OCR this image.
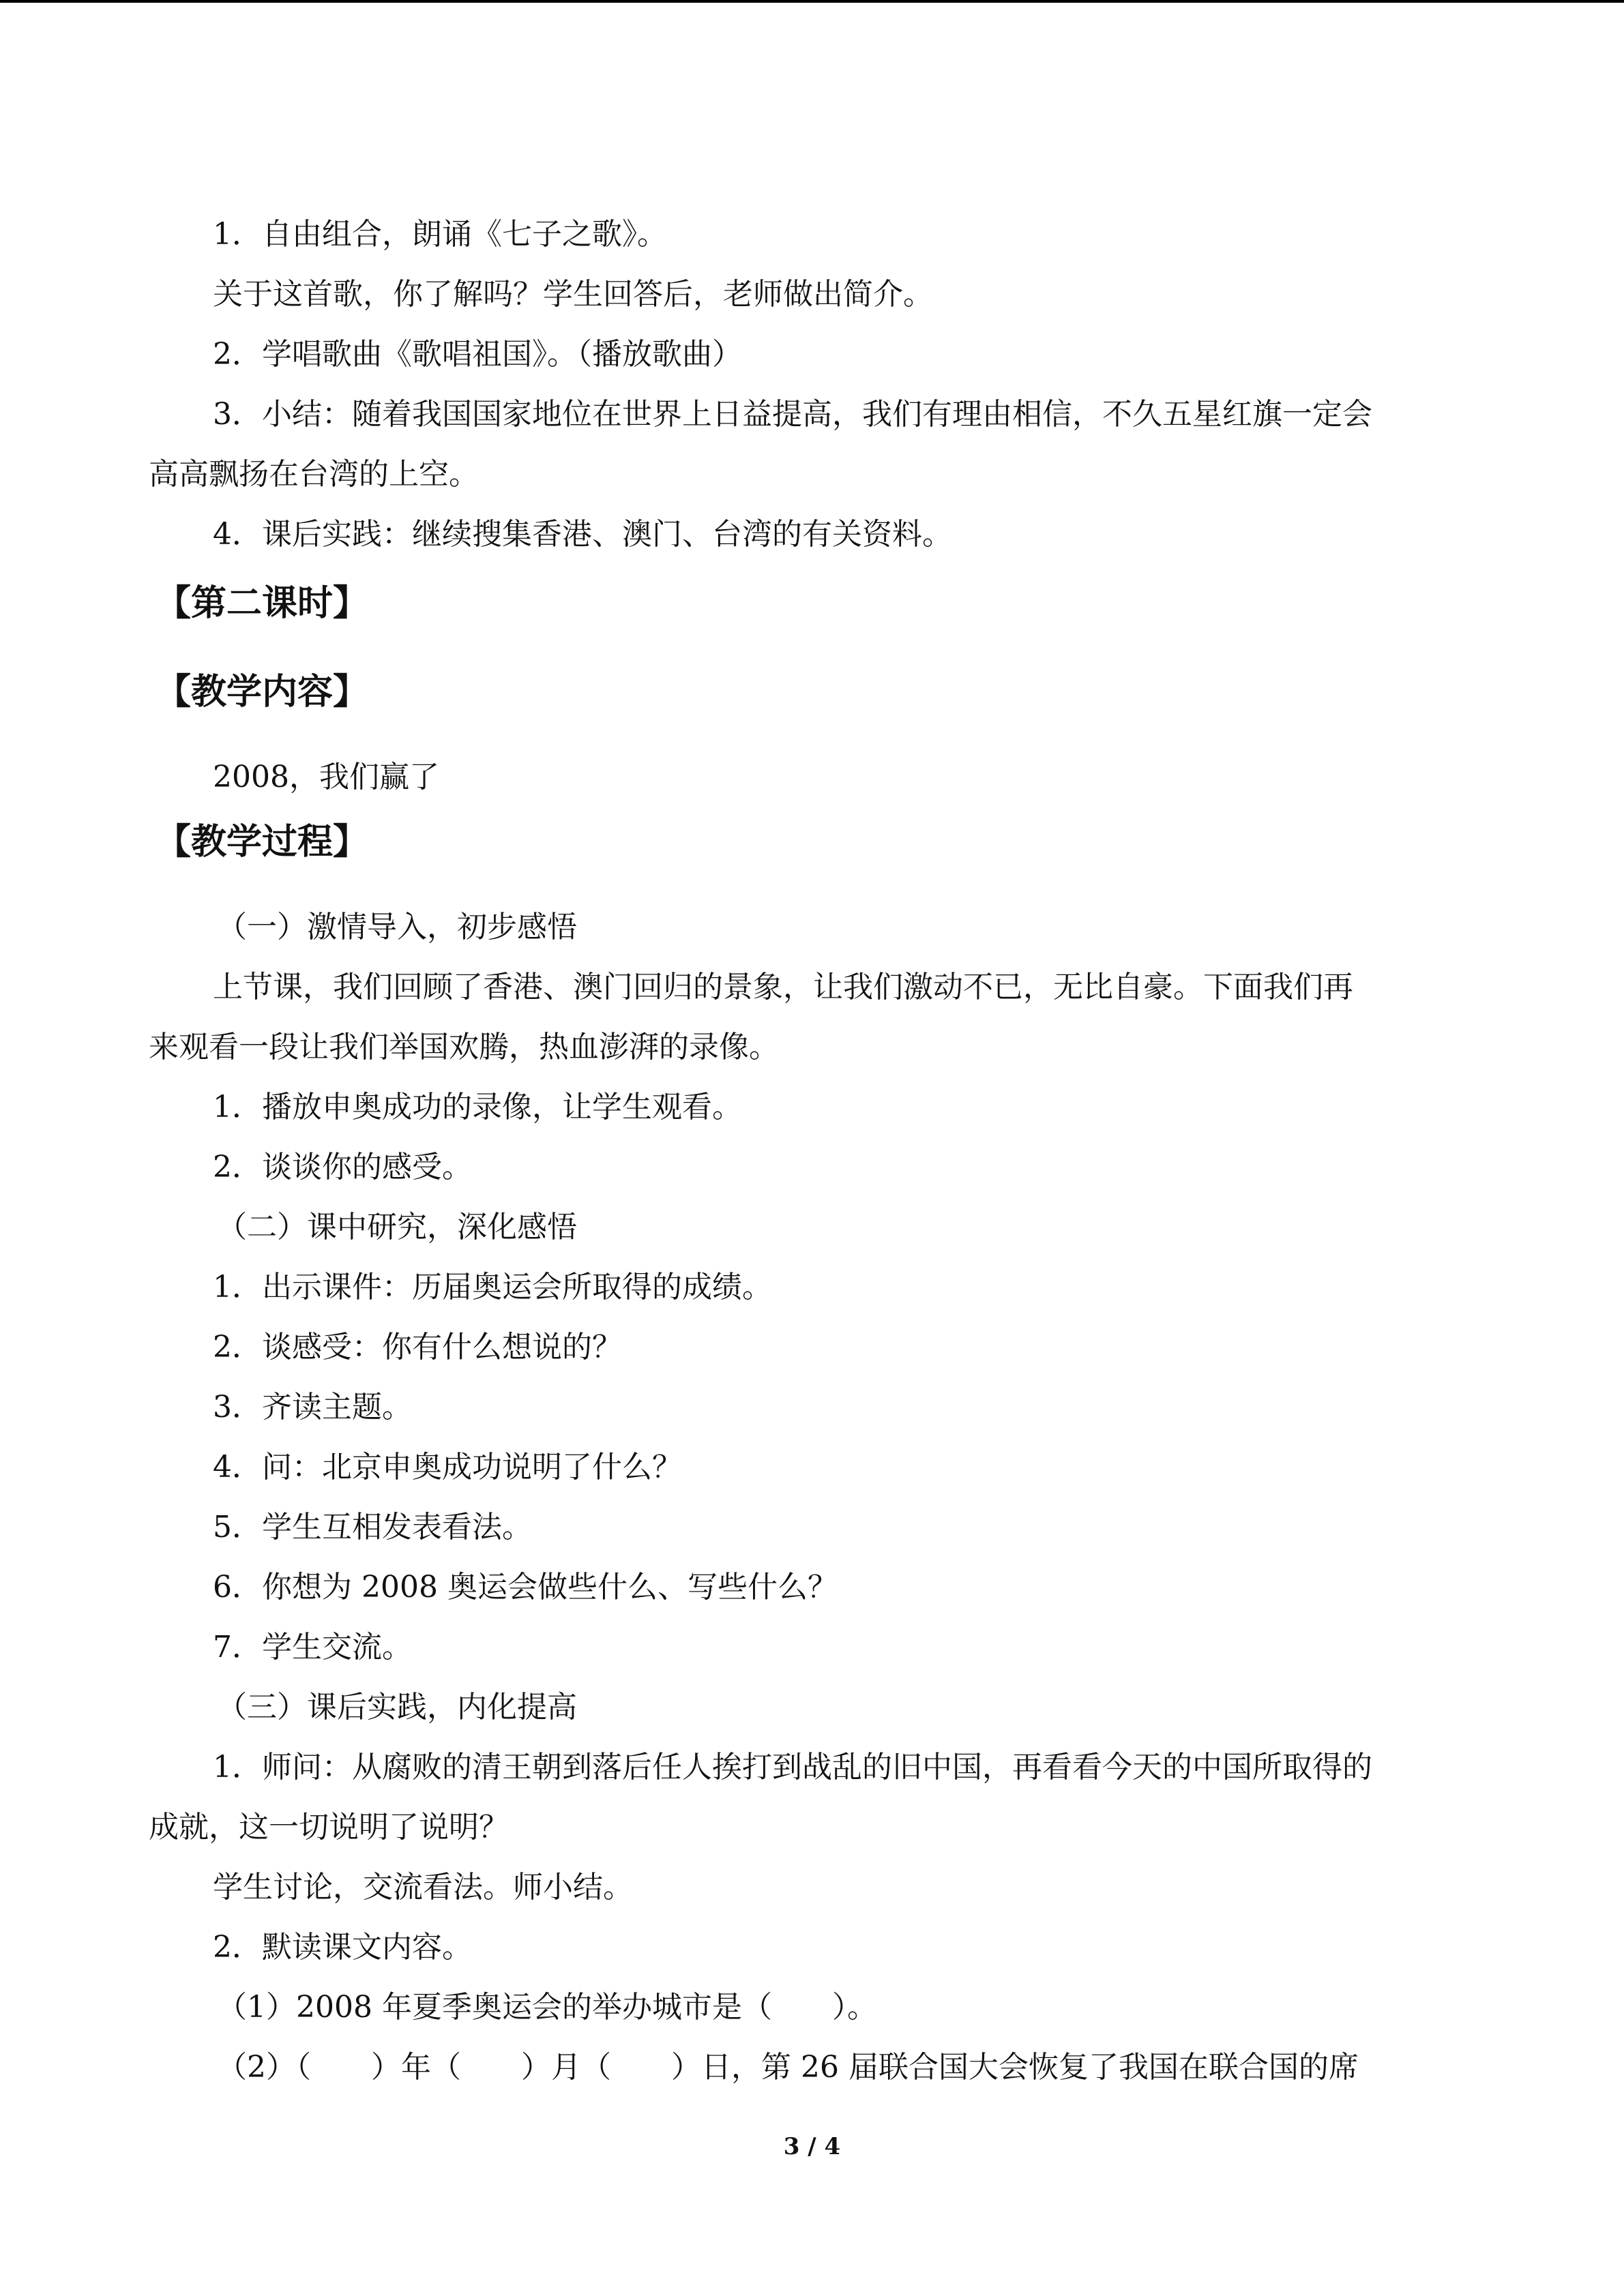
1．自由组合，朗诵《七子之歌》。
关于这首歌，你了解吗？学生回答后，老师做出简介。
2．学唱歌曲《歌唱祖国》。（播放歌曲）
3．小结：随着我国国家地位在世界上日益提高，我们有理由相信，不久五星红旗一定会
高高飘扬在台湾的上空。
4．课后实践：继续搜集香港、澳门、台湾的有关资料。
【第二课时】
【教学内容】
2008，我们赢了
【教学过程】
（一）激情导入，初步感悟
上节课，我们回顾了香港、澳门回归的景象，让我们激动不已，无比自豪。下面我们再
来观看一段让我们举国欢腾，热血澎湃的录像。
1．播放申奥成功的录像，让学生观看。
2．谈谈你的感受。
（二）课中研究，深化感悟
1．出示课件：历届奥运会所取得的成绩。
2．谈感受：你有什么想说的？
3．齐读主题。
4．问：北京申奥成功说明了什么？
5．学生互相发表看法。
6．你想为 2008 奥运会做些什么、写些什么？
7．学生交流。
（三）课后实践，内化提高
1．师问：从腐败的清王朝到落后任人挨打到战乱的旧中国，再看看今天的中国所取得的
成就，这一切说明了说明？
学生讨论，交流看法。师小结。
2．默读课文内容。
（1）2008 年夏季奥运会的举办城市是（　　）。
（2）（　　）年（　　）月（　　）日，第 26 届联合国大会恢复了我国在联合国的席
3 / 4
